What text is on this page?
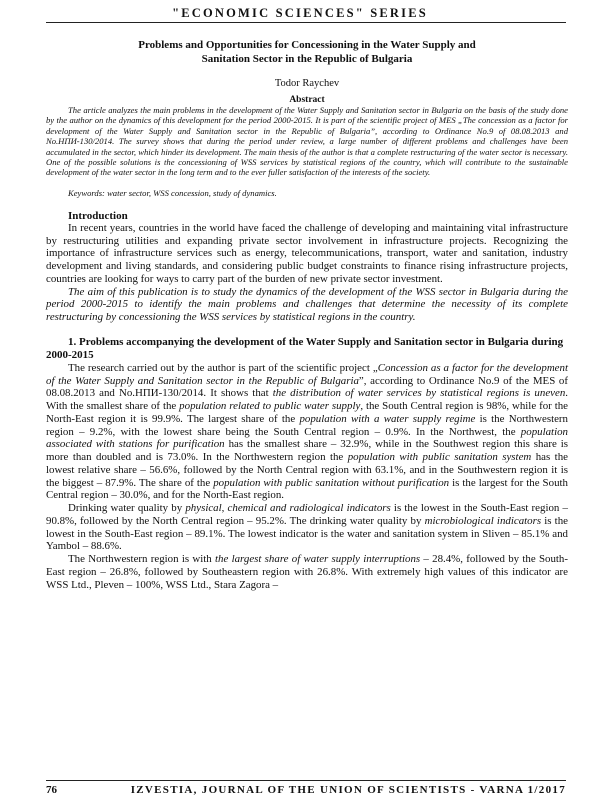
"ECONOMIC SCIENCES" SERIES
Problems and Opportunities for Concessioning in the Water Supply and
Sanitation Sector in the Republic of Bulgaria
Todor Raychev
Abstract

The article analyzes the main problems in the development of the Water Supply and Sanitation sector in Bulgaria on the basis of the study done by the author on the dynamics of this development for the period 2000-2015. It is part of the scientific project of MES „The concession as a factor for development of the Water Supply and Sanitation sector in the Republic of Bulgaria”, according to Ordinance No.9 of 08.08.2013 and No.НПИ-130/2014. The survey shows that during the period under review, a large number of different problems and challenges have been accumulated in the sector, which hinder its development. The main thesis of the author is that a complete restructuring of the water sector is necessary. One of the possible solutions is the concessioning of WSS services by statistical regions of the country, which will contribute to the sustainable development of the water sector in the long term and to the ever fuller satisfaction of the interests of the society.

Keywords: water sector, WSS concession, study of dynamics.

Introduction

In recent years, countries in the world have faced the challenge of developing and maintaining vital infrastructure by restructuring utilities and expanding private sector involvement in infrastructure projects. Recognizing the importance of infrastructure services such as energy, telecommunications, transport, water and sanitation, industry development and living standards, and considering public budget constraints to finance rising infrastructure projects, countries are looking for ways to carry part of the burden of new private sector investment.

The aim of this publication is to study the dynamics of the development of the WSS sector in Bulgaria during the period 2000-2015 to identify the main problems and challenges that determine the necessity of its complete restructuring by concessioning the WSS services by statistical regions in the country.

1. Problems accompanying the development of the Water Supply and Sanitation sector in Bulgaria during 2000-2015

The research carried out by the author is part of the scientific project „Concession as a factor for the development of the Water Supply and Sanitation sector in the Republic of Bulgaria”, according to Ordinance No.9 of the MES of 08.08.2013 and No.НПИ-130/2014. It shows that the distribution of water services by statistical regions is uneven. With the smallest share of the population related to public water supply, the South Central region is 98%, while for the North-East region it is 99.9%. The largest share of the population with a water supply regime is the Northwestern region – 9.2%, with the lowest share being the South Central region – 0.9%. In the Northwest, the population associated with stations for purification has the smallest share – 32.9%, while in the Southwest region this share is more than doubled and is 73.0%. In the Northwestern region the population with public sanitation system has the lowest relative share – 56.6%, followed by the North Central region with 63.1%, and in the Southwestern region it is the biggest – 87.9%. The share of the population with public sanitation without purification is the largest for the South Central region – 30.0%, and for the North-East region.

Drinking water quality by physical, chemical and radiological indicators is the lowest in the South-East region – 90.8%, followed by the North Central region – 95.2%. The drinking water quality by microbiological indicators is the lowest in the South-East region – 89.1%. The lowest indicator is the water and sanitation system in Sliven – 85.1% and Yambol – 88.6%.

The Northwestern region is with the largest share of water supply interruptions – 28.4%, followed by the South-East region – 26.8%, followed by Southeastern region with 26.8%. With extremely high values of this indicator are WSS Ltd., Pleven – 100%, WSS Ltd., Stara Zagora –

76	IZVESTIA, JOURNAL OF THE UNION OF SCIENTISTS - VARNA 1/2017
